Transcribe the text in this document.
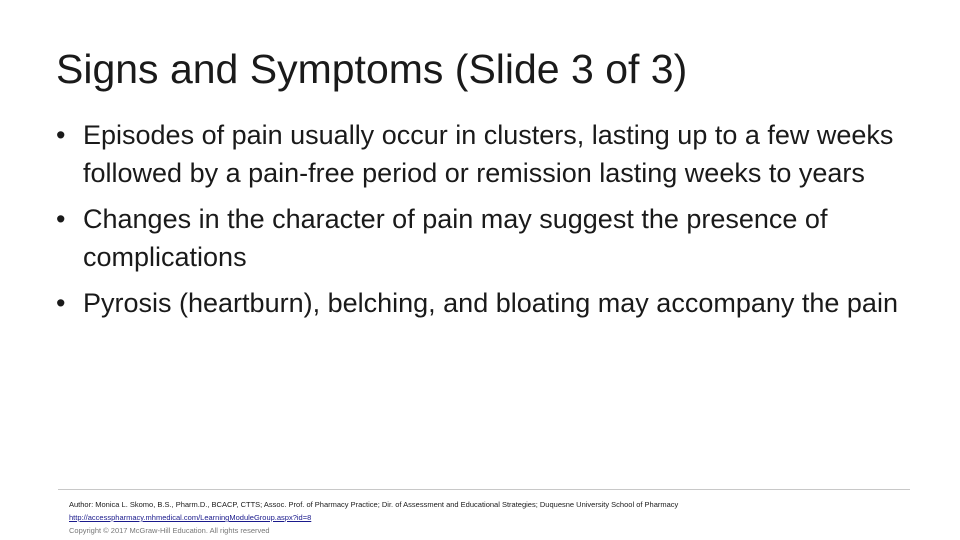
Signs and Symptoms (Slide 3 of 3)
• Episodes of pain usually occur in clusters, lasting up to a few weeks followed by a pain-free period or remission lasting weeks to years
• Changes in the character of pain may suggest the presence of complications
• Pyrosis (heartburn), belching, and bloating may accompany the pain
Author: Monica L. Skomo, B.S., Pharm.D., BCACP, CTTS; Assoc. Prof. of Pharmacy Practice; Dir. of Assessment and Educational Strategies; Duquesne University School of Pharmacy
http://accesspharmacy.mhmedical.com/LearningModuleGroup.aspx?id=8
Copyright © 2017 McGraw-Hill Education. All rights reserved
